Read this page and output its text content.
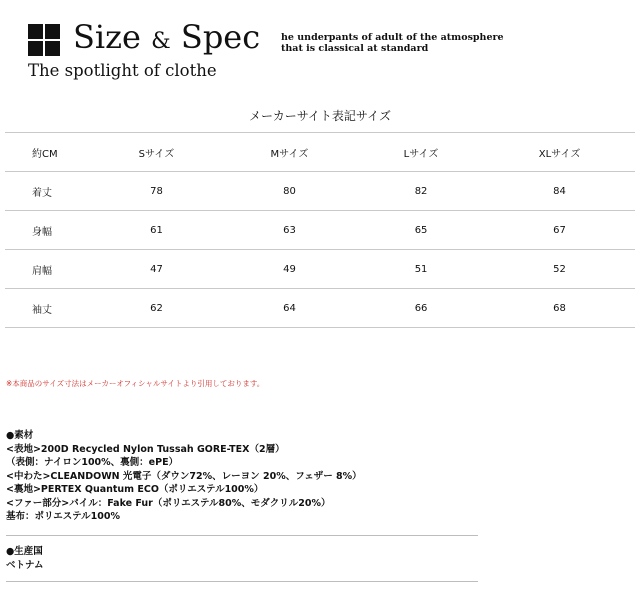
Size & Spec
The spotlight of clothe
he underpants of adult of the atmosphere
that is classical at standard
メーカーサイト表記サイズ
約CM	Sサイズ	Mサイズ	Lサイズ	XLサイズ
着丈	78	80	82	84
身幅	61	63	65	67
肩幅	47	49	51	52
袖丈	62	64	66	68
※本商品のサイズ寸法はメーカーオフィシャルサイトより引用しております。
●素材
<表地>200D Recycled Nylon Tussah GORE-TEX（2層）
（表側：ナイロン100%、裏側：ePE）
<中わた>CLEANDOWN 光電子（ダウン72%、レーヨン 20%、フェザー 8%）
<裏地>PERTEX Quantum ECO（ポリエステル100%）
<ファー部分>パイル：Fake Fur（ポリエステル80%、モダクリル20%）
基布：ポリエステル100%
●生産国
ベトナム
